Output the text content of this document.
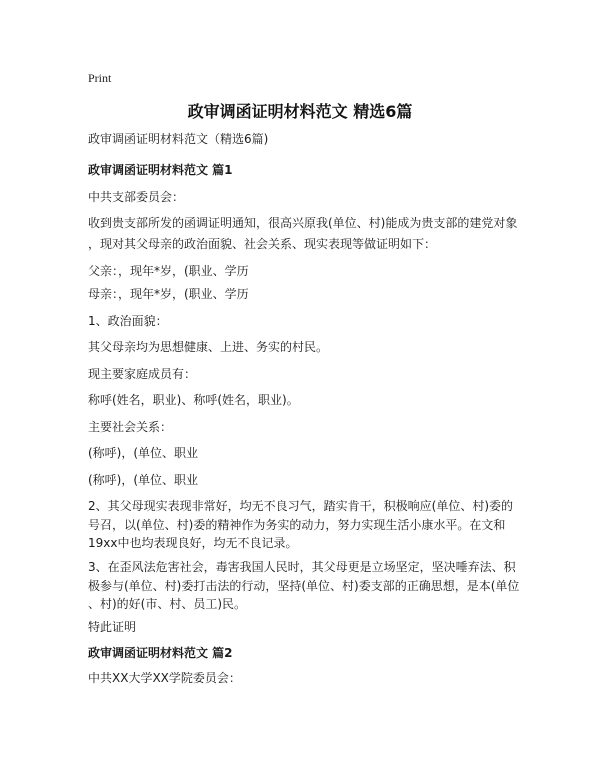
Print
政审调函证明材料范文 精选6篇
政审调函证明材料范文（精选6篇)
政审调函证明材料范文 篇1
中共支部委员会：
收到贵支部所发的函调证明通知，很高兴原我(单位、村)能成为贵支部的建党对象
，现对其父母亲的政治面貌、社会关系、现实表现等做证明如下：
父亲：，现年*岁，(职业、学历
母亲：，现年*岁，(职业、学历
1、政治面貌：
其父母亲均为思想健康、上进、务实的村民。
现主要家庭成员有：
称呼(姓名，职业)、称呼(姓名，职业)。
主要社会关系：
(称呼)，(单位、职业
(称呼)，(单位、职业
2、其父母现实表现非常好，均无不良习气，踏实肯干，积极响应(单位、村)委的
号召，以(单位、村)委的精神作为务实的动力，努力实现生活小康水平。在文和
19xx中也均表现良好，均无不良记录。
3、在歪风法危害社会，毒害我国人民时，其父母更是立场坚定，坚决唾弃法、积
极参与(单位、村)委打击法的行动，坚持(单位、村)委支部的正确思想，是本(单位
、村)的好(市、村、员工)民。
特此证明
政审调函证明材料范文 篇2
中共XX大学XX学院委员会：
